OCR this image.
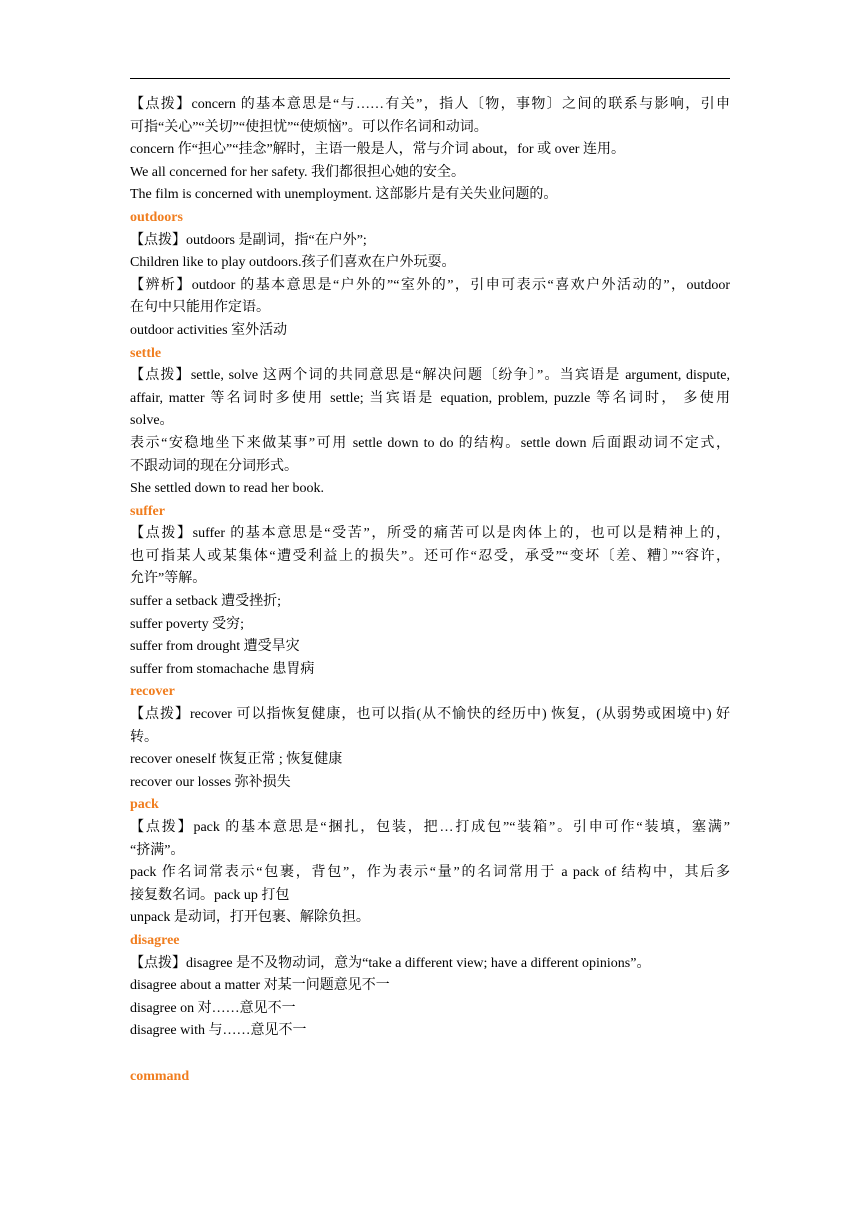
【点拨】concern 的基本意思是“与……有关”，指人〔物，事物〕之间的联系与影响，引申
可指“关心”“关切”“使担忧”“使烦恼”。可以作名词和动词。
concern 作“担心”“挂念”解时，主语一般是人，常与介词 about，for 或 over 连用。
We all concerned for her safety. 我们都很担心她的安全。
The film is concerned with unemployment. 这部影片是有关失业问题的。
outdoors
【点拨】outdoors 是副词，指“在户外”;
Children like to play outdoors.孩子们喜欢在户外玩耍。
【辨析】outdoor 的基本意思是“户外的”“室外的”，引申可表示“喜欢户外活动的”，outdoor
在句中只能用作定语。
outdoor activities 室外活动
settle
【点拨】settle, solve 这两个词的共同意思是“解决问题〔纷争〕”。当宾语是 argument, dispute,
affair, matter 等名词时多使用 settle; 当宾语是 equation, problem, puzzle 等名词时， 多使用
solve。
表示“安稳地坐下来做某事”可用 settle down to do 的结构。settle down 后面跟动词不定式，
不跟动词的现在分词形式。
She settled down to read her book.
suffer
【点拨】suffer 的基本意思是“受苦”，所受的痛苦可以是肉体上的，也可以是精神上的，
也可指某人或某集体“遭受利益上的损失”。还可作“忍受，承受”“变坏〔差、糟〕”“容许，
允许”等解。
suffer a setback 遭受挫折;
suffer poverty 受穷;
suffer from drought 遭受旱灾
suffer from stomachache 患胃病
recover
【点拨】recover 可以指恢复健康，也可以指(从不愉快的经历中) 恢复，(从弱势或困境中) 好
转。
recover oneself 恢复正常 ; 恢复健康
recover our losses 弥补损失
pack
【点拨】pack 的基本意思是“捆扎，包装，把…打成包”“装箱”。引申可作“装填，塞满”
“挤满”。
pack 作名词常表示“包裹，背包”，作为表示“量”的名词常用于 a pack of 结构中，其后多
接复数名词。pack up 打包
unpack 是动词，打开包裹、解除负担。
disagree
【点拨】disagree 是不及物动词，意为“take a different view; have a different opinions”。
disagree about a matter 对某一问题意见不一
disagree on 对……意见不一
disagree with 与……意见不一
command
